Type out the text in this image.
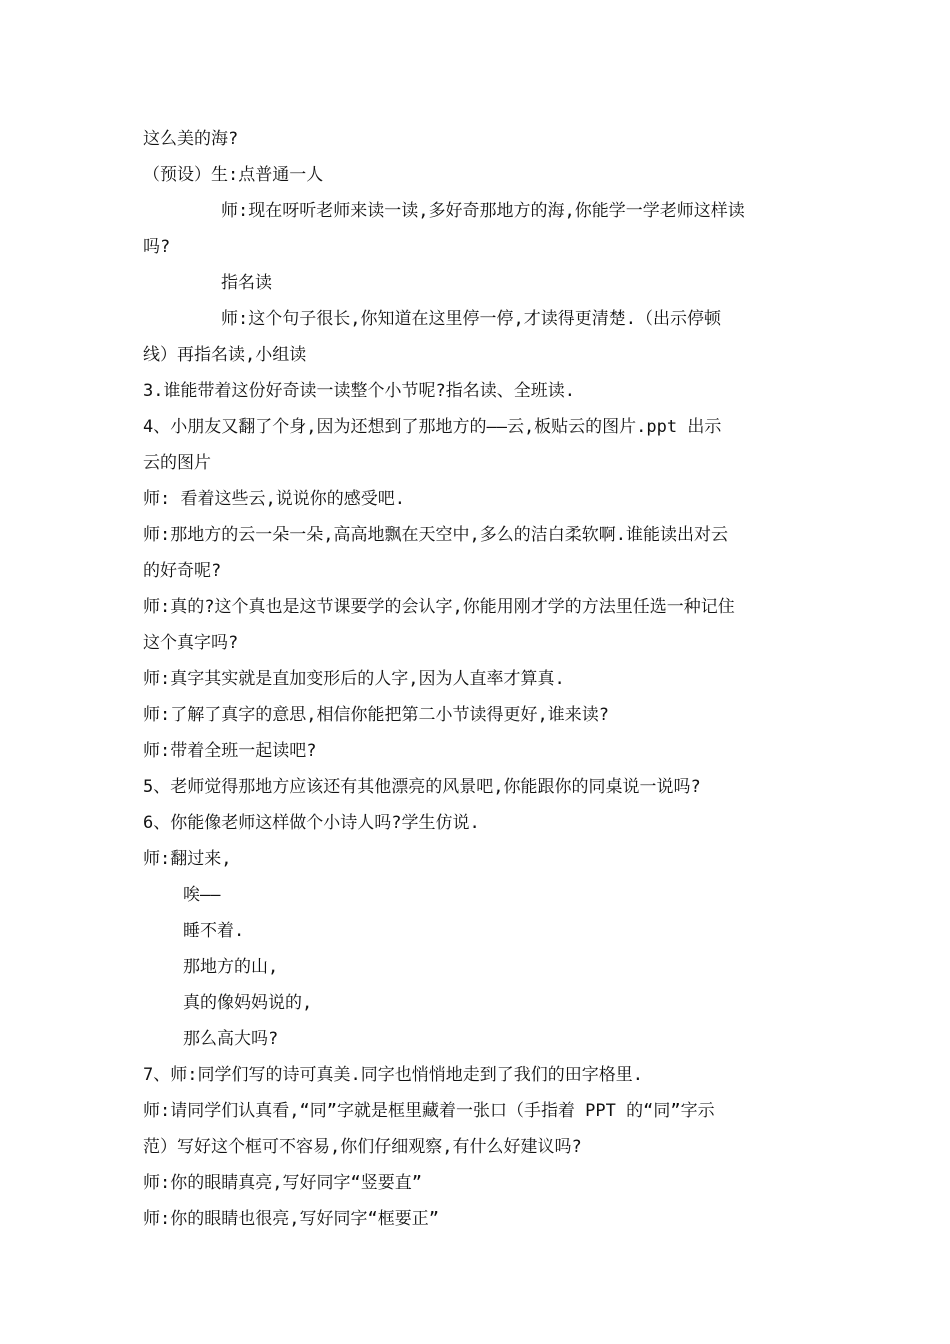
这么美的海?
（预设）生:点普通一人
师:现在呀听老师来读一读,多好奇那地方的海,你能学一学老师这样读
吗?
指名读
师:这个句子很长,你知道在这里停一停,才读得更清楚.（出示停顿
线）再指名读,小组读
3.谁能带着这份好奇读一读整个小节呢?指名读、全班读.
4、小朋友又翻了个身,因为还想到了那地方的——云,板贴云的图片.ppt 出示
云的图片
师: 看着这些云,说说你的感受吧.
师:那地方的云一朵一朵,高高地飘在天空中,多么的洁白柔软啊.谁能读出对云
的好奇呢?
师:真的?这个真也是这节课要学的会认字,你能用刚才学的方法里任选一种记住
这个真字吗?
师:真字其实就是直加变形后的人字,因为人直率才算真.
师:了解了真字的意思,相信你能把第二小节读得更好,谁来读?
师:带着全班一起读吧?
5、老师觉得那地方应该还有其他漂亮的风景吧,你能跟你的同桌说一说吗?
6、你能像老师这样做个小诗人吗?学生仿说.
师:翻过来,
唉——
睡不着.
那地方的山,
真的像妈妈说的,
那么高大吗?
7、师:同学们写的诗可真美.同字也悄悄地走到了我们的田字格里.
师:请同学们认真看,“同”字就是框里藏着一张口（手指着 PPT 的“同”字示
范）写好这个框可不容易,你们仔细观察,有什么好建议吗?
师:你的眼睛真亮,写好同字“竖要直”
师:你的眼睛也很亮,写好同字“框要正”
